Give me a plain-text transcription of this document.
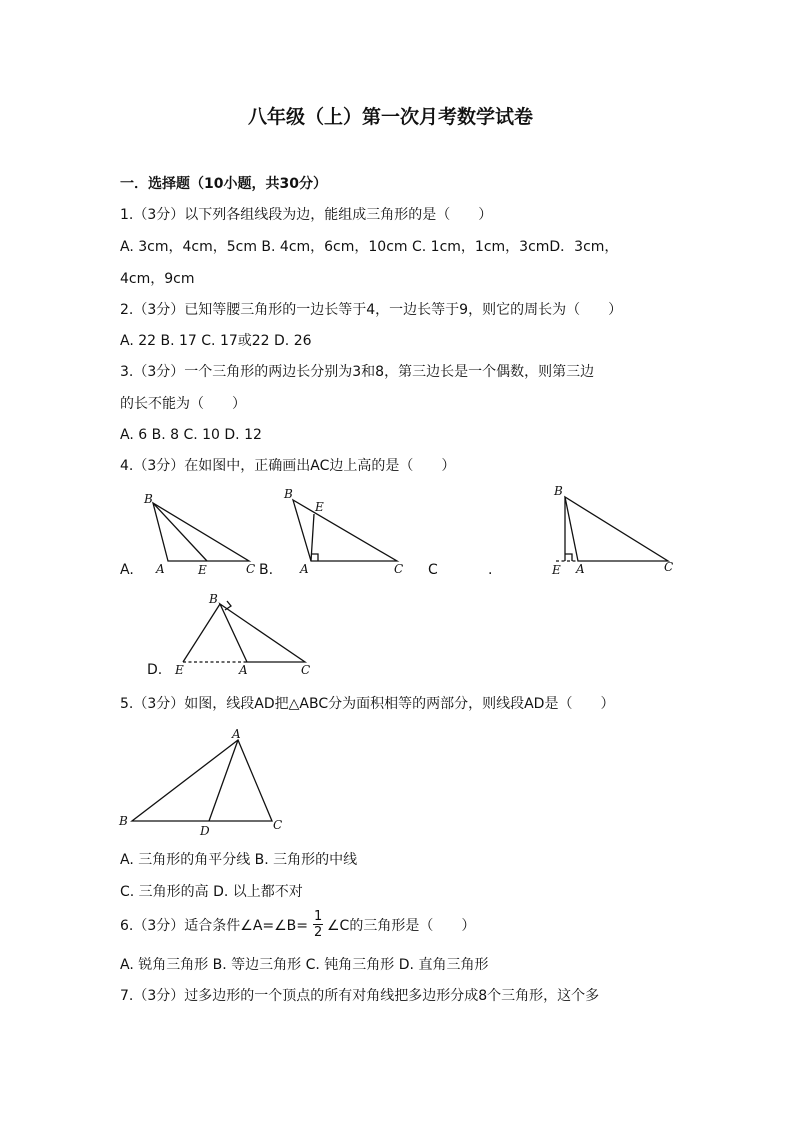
八年级（上）第一次月考数学试卷
一．选择题（10小题，共30分）
1.（3分）以下列各组线段为边，能组成三角形的是（　　）
A. 3cm，4cm，5cm B. 4cm，6cm，10cm C. 1cm，1cm，3cmD．3cm，
4cm，9cm
2.（3分）已知等腰三角形的一边长等于4，一边长等于9，则它的周长为（　　）
A. 22 B. 17 C. 17或22 D. 26
3.（3分）一个三角形的两边长分别为3和8，第三边长是一个偶数，则第三边
的长不能为（　　）
A. 6 B. 8 C. 10 D. 12
4.（3分）在如图中，正确画出AC边上高的是（　　）
A.
B
A	E	C B.
B
E
A	C C	.
B
E A	C
D.
B
E	A	C
5.（3分）如图，线段AD把△ABC分为面积相等的两部分，则线段AD是（　　）
A
B
D	C
A. 三角形的角平分线 B. 三角形的中线
C. 三角形的高 D. 以上都不对
6.（3分）适合条件∠A=∠B= $\frac{1}{2}$ ∠C的三角形是（　　）
A. 锐角三角形 B. 等边三角形 C. 钝角三角形 D. 直角三角形
7.（3分）过多边形的一个顶点的所有对角线把多边形分成8个三角形，这个多
